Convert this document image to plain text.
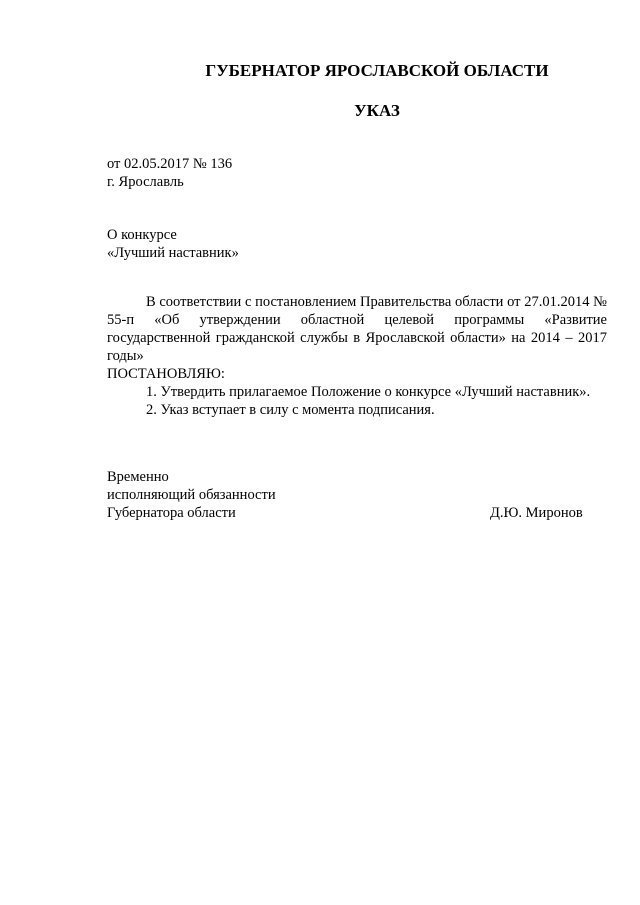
ГУБЕРНАТОР ЯРОСЛАВСКОЙ ОБЛАСТИ
УКАЗ
от 02.05.2017 № 136
г. Ярославль
О конкурсе
«Лучший наставник»
В соответствии с постановлением Правительства области от 27.01.2014 № 55-п «Об утверждении областной целевой программы «Развитие государственной гражданской службы в Ярославской области» на 2014 – 2017 годы»
ПОСТАНОВЛЯЮ:
1. Утвердить прилагаемое Положение о конкурсе «Лучший наставник».
2. Указ вступает в силу с момента подписания.
Временно
исполняющий обязанности
Губернатора области	Д.Ю. Миронов
